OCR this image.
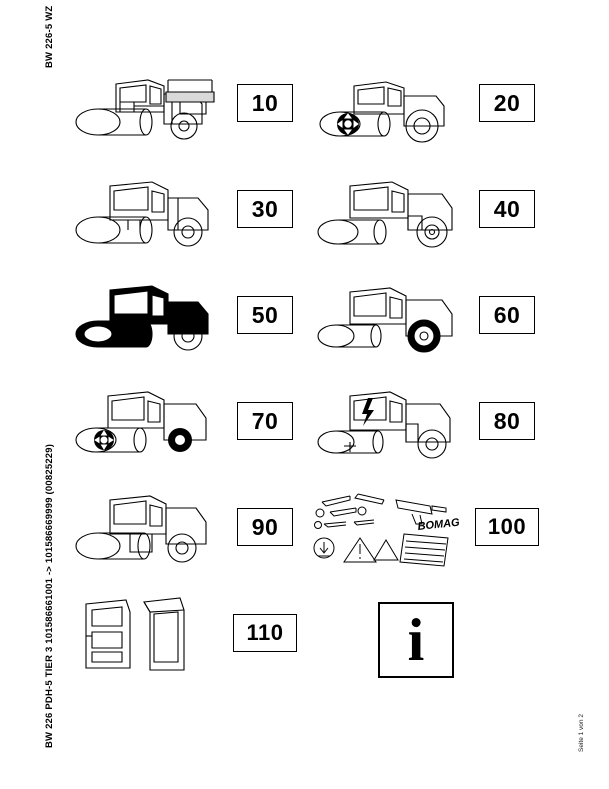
BW 226-5 WZ
BW 226 PDH-5 TIER 3 101586661001 -> 101586669999 (00825229)	Seite 1 von 2
10	20
30	40
50	60
70	80
90	BOMAG	100
110 i
